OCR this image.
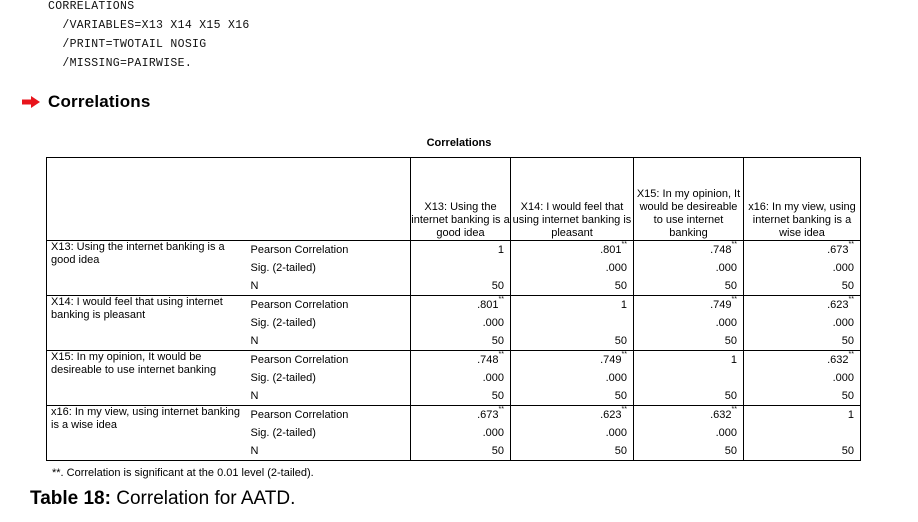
CORRELATIONS
/VARIABLES=X13 X14 X15 X16
/PRINT=TWOTAIL NOSIG
/MISSING=PAIRWISE.
Correlations
Correlations
		X13: Using the internet banking is a good idea	X14: I would feel that using internet banking is pleasant	X15: In my opinion, It would be desireable to use internet banking	x16: In my view, using internet banking is a wise idea
X13: Using the internet banking is a good idea	Pearson Correlation	1	.801**	.748**	.673**
	Sig. (2-tailed)		.000	.000	.000
	N	50	50	50	50
X14: I would feel that using internet banking is pleasant	Pearson Correlation	.801**	1	.749**	.623**
	Sig. (2-tailed)	.000		.000	.000
	N	50	50	50	50
X15: In my opinion, It would be desireable to use internet banking	Pearson Correlation	.748**	.749**	1	.632**
	Sig. (2-tailed)	.000	.000		.000
	N	50	50	50	50
x16: In my view, using internet banking is a wise idea	Pearson Correlation	.673**	.623**	.632**	1
	Sig. (2-tailed)	.000	.000	.000	
	N	50	50	50	50
**. Correlation is significant at the 0.01 level (2-tailed).
Table 18: Correlation for AATD.
